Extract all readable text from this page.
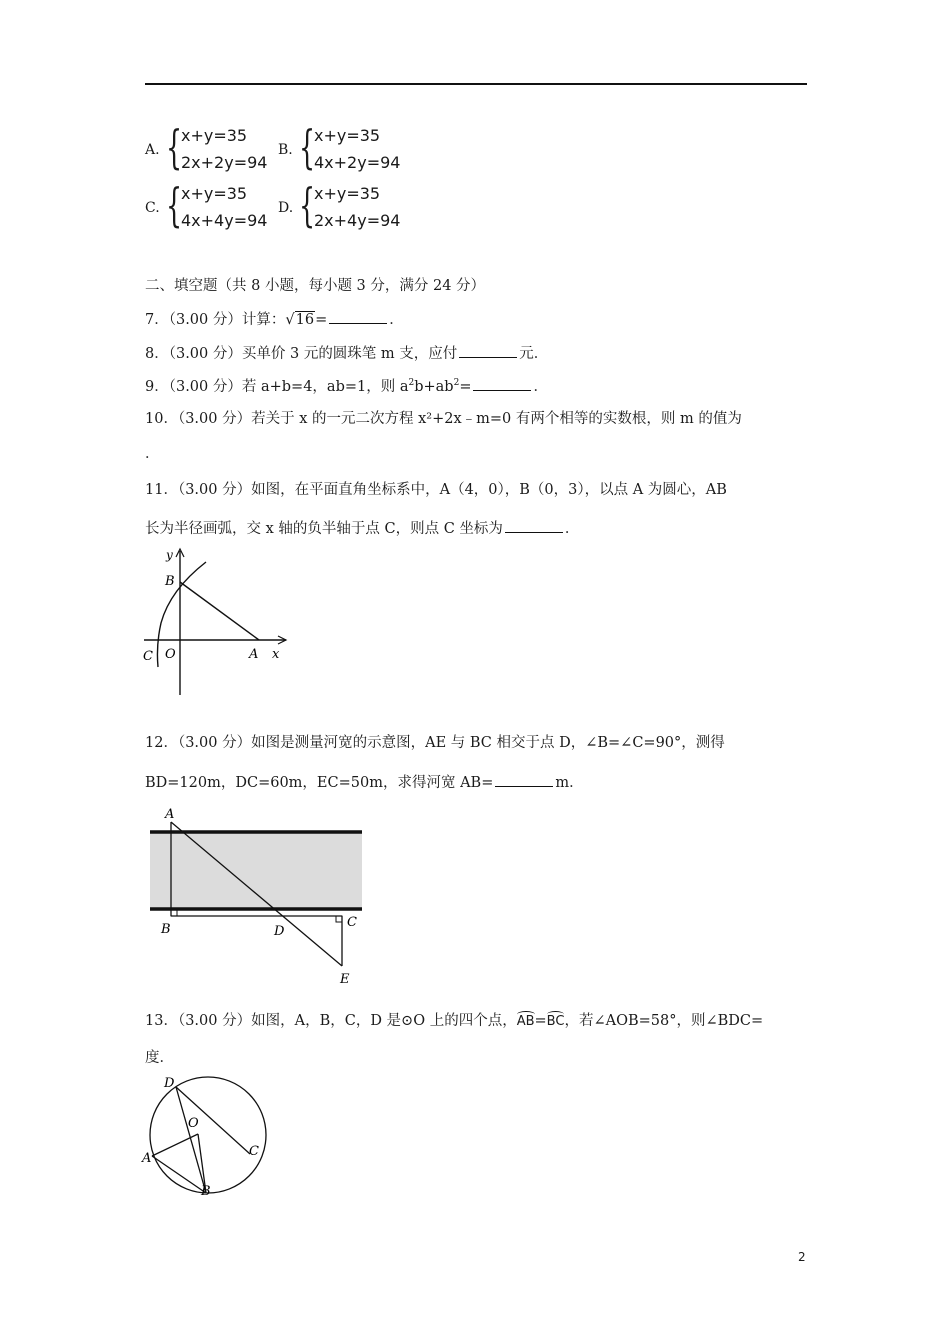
A. {
x+y=35
2x+2y=94
B. {
x+y=35
4x+2y=94
C. {
x+y=35
4x+4y=94
D. {
x+y=35
2x+4y=94
二、填空题（共 8 小题，每小题 3 分，满分 24 分）
7．（3.00 分）计算：√16=	．
8．（3.00 分）买单价 3 元的圆珠笔 m 支，应付	元．
9．（3.00 分）若 a+b=4，ab=1，则 $a^2b+ab^2=$	．
10．（3.00 分）若关于 x 的一元二次方程 x²+2x﹣m=0 有两个相等的实数根，则 m 的值为
．
11．（3.00 分）如图，在平面直角坐标系中，A（4，0），B（0，3），以点 A 为圆心，AB
长为半径画弧，交 x 轴的负半轴于点 C，则点 C 坐标为	．
y
B
C O	A x
12．（3.00 分）如图是测量河宽的示意图，AE 与 BC 相交于点 D，∠B=∠C=90°，测得
BD=120m，DC=60m，EC=50m，求得河宽 AB=	m．
A
B	D
C
E
13．（3.00 分）如图，A，B，C，D 是⊙O 上的四个点，AB=BC，若∠AOB=58°，则∠BDC=
度．
D
O
A	C
B
2
